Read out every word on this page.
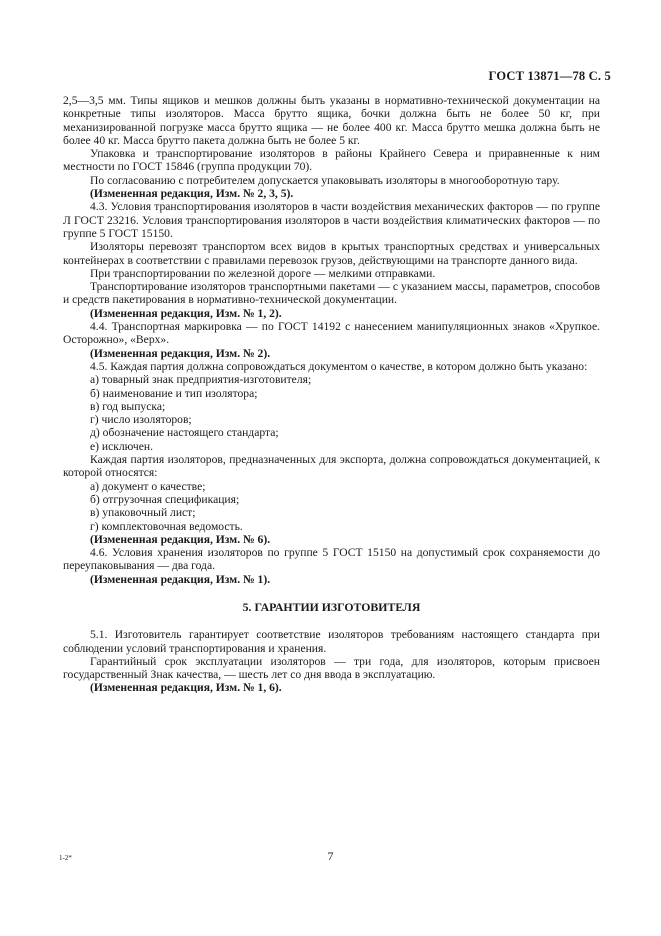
ГОСТ 13871—78 С. 5

2,5—3,5 мм. Типы ящиков и мешков должны быть указаны в нормативно-технической документации на конкретные типы изоляторов. Масса брутто ящика, бочки должна быть не более 50 кг, при механизированной погрузке масса брутто ящика — не более 400 кг. Масса брутто мешка должна быть не более 40 кг. Масса брутто пакета должна быть не более 5 кг.

Упаковка и транспортирование изоляторов в районы Крайнего Севера и приравненные к ним местности по ГОСТ 15846 (группа продукции 70).

По согласованию с потребителем допускается упаковывать изоляторы в многооборотную тару.

(Измененная редакция, Изм. № 2, 3, 5).

4.3. Условия транспортирования изоляторов в части воздействия механических факторов — по группе Л ГОСТ 23216. Условия транспортирования изоляторов в части воздействия климатических факторов — по группе 5 ГОСТ 15150.

Изоляторы перевозят транспортом всех видов в крытых транспортных средствах и универсальных контейнерах в соответствии с правилами перевозок грузов, действующими на транспорте данного вида.

При транспортировании по железной дороге — мелкими отправками.

Транспортирование изоляторов транспортными пакетами — с указанием массы, параметров, способов и средств пакетирования в нормативно-технической документации.

(Измененная редакция, Изм. № 1, 2).

4.4. Транспортная маркировка — по ГОСТ 14192 с нанесением манипуляционных знаков «Хрупкое. Осторожно», «Верх».

(Измененная редакция, Изм. № 2).

4.5. Каждая партия должна сопровождаться документом о качестве, в котором должно быть указано:

а) товарный знак предприятия-изготовителя;

б) наименование и тип изолятора;

в) год выпуска;

г) число изоляторов;

д) обозначение настоящего стандарта;

е) исключен.

Каждая партия изоляторов, предназначенных для экспорта, должна сопровождаться документацией, к которой относятся:

а) документ о качестве;

б) отгрузочная спецификация;

в) упаковочный лист;

г) комплектовочная ведомость.

(Измененная редакция, Изм. № 6).

4.6. Условия хранения изоляторов по группе 5 ГОСТ 15150 на допустимый срок сохраняемости до переупаковывания — два года.

(Измененная редакция, Изм. № 1).

5. ГАРАНТИИ ИЗГОТОВИТЕЛЯ

5.1. Изготовитель гарантирует соответствие изоляторов требованиям настоящего стандарта при соблюдении условий транспортирования и хранения.

Гарантийный срок эксплуатации изоляторов — три года, для изоляторов, которым присвоен государственный Знак качества, — шесть лет со дня ввода в эксплуатацию.

(Измененная редакция, Изм. № 1, 6).

1-2*	7
